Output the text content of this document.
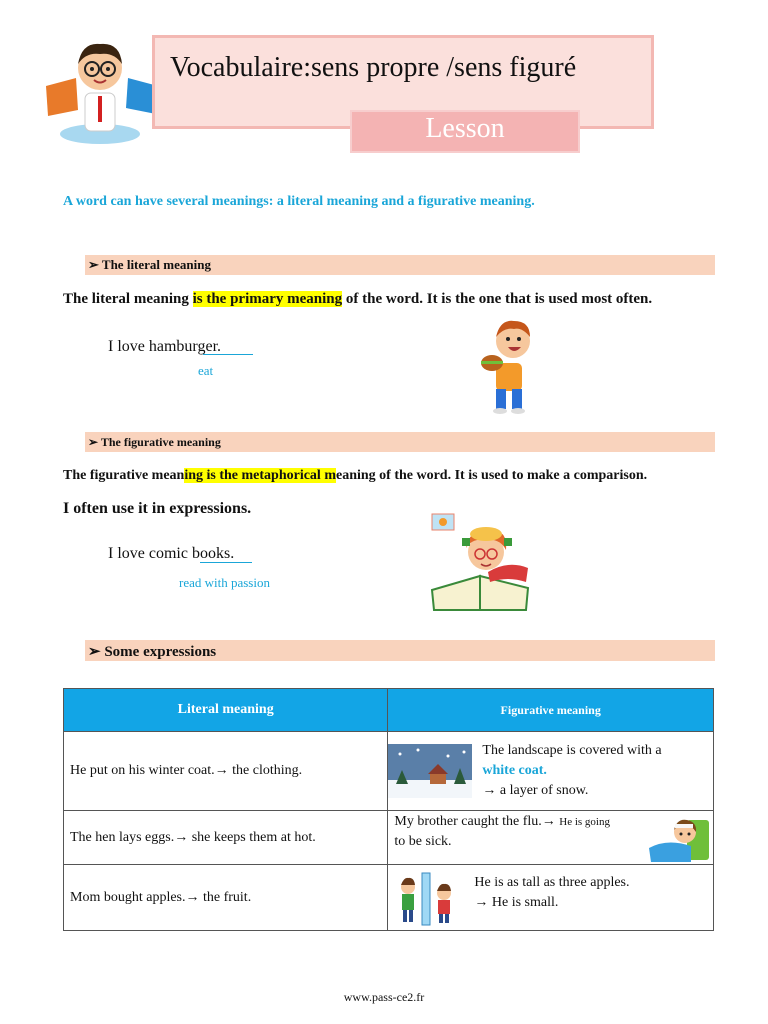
Vocabulaire:sens propre /sens figuré
Lesson
A word can have several meanings: a literal meaning and a figurative meaning.
➢ The literal meaning
The literal meaning is the primary meaning of the word. It is the one that is used most often.
I love hamburger.
eat
➢ The figurative meaning
The figurative meaning is the metaphorical meaning of the word. It is used to make a comparison.
I often use it in expressions.
I love comic books.
read with passion
➢ Some expressions
Literal meaning	Figurative meaning

He put on his winter coat.→ the clothing.	The landscape is covered with a
white coat.
→ a layer of snow.

The hen lays eggs.→ she keeps them at hot.	My brother caught the flu.→ He is going
to be sick.

Mom bought apples.→ the fruit.	He is as tall as three apples.
→ He is small.
www.pass-ce2.fr
